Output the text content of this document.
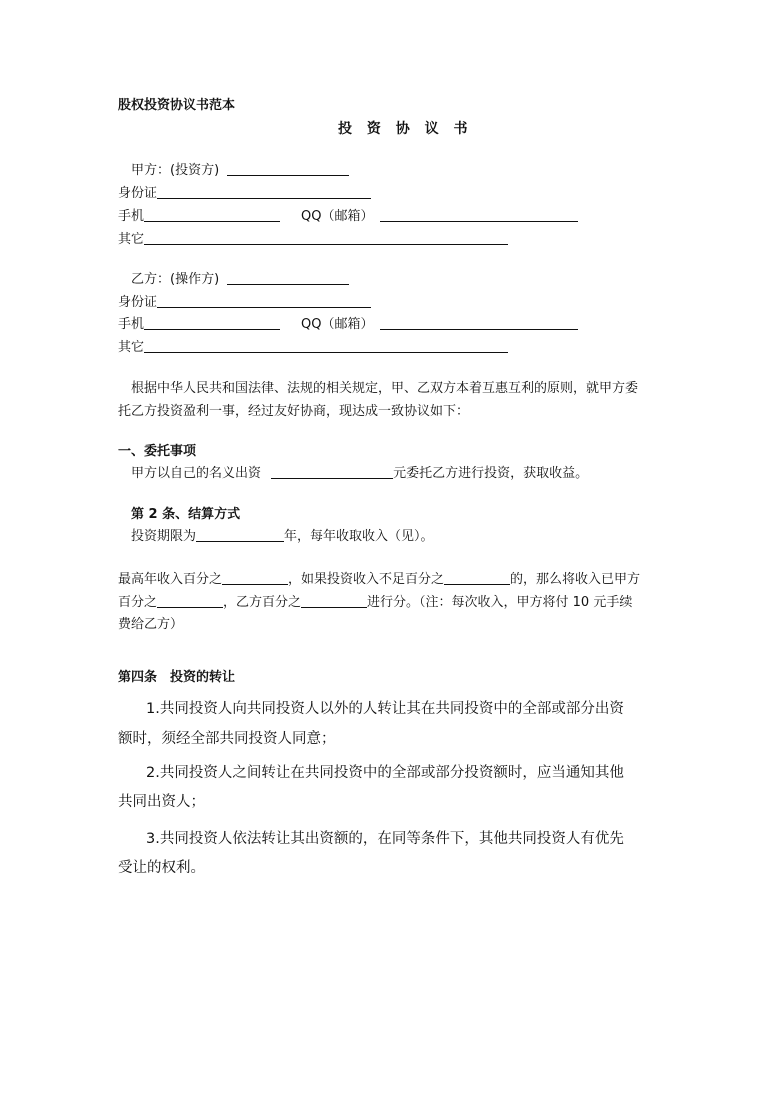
股权投资协议书范本
投 资 协 议 书
甲方：(投资方)
身份证
手机	QQ（邮箱）
其它
乙方：(操作方)
身份证
手机	QQ（邮箱）
其它
根据中华人民共和国法律、法规的相关规定，甲、乙双方本着互惠互利的原则，就甲方委
托乙方投资盈利一事，经过友好协商，现达成一致协议如下：
一、委托事项
甲方以自己的名义出资	元委托乙方进行投资，获取收益。
第 2 条、结算方式
投资期限为	年，每年收取收入（见）。
最高年收入百分之	，如果投资收入不足百分之	的，那么将收入已甲方
百分之	，乙方百分之	进行分。（注：每次收入，甲方将付 10 元手续
费给乙方）
第四条　投资的转让
1.共同投资人向共同投资人以外的人转让其在共同投资中的全部或部分出资
额时，须经全部共同投资人同意；
2.共同投资人之间转让在共同投资中的全部或部分投资额时，应当通知其他
共同出资人；
3.共同投资人依法转让其出资额的，在同等条件下，其他共同投资人有优先
受让的权利。
